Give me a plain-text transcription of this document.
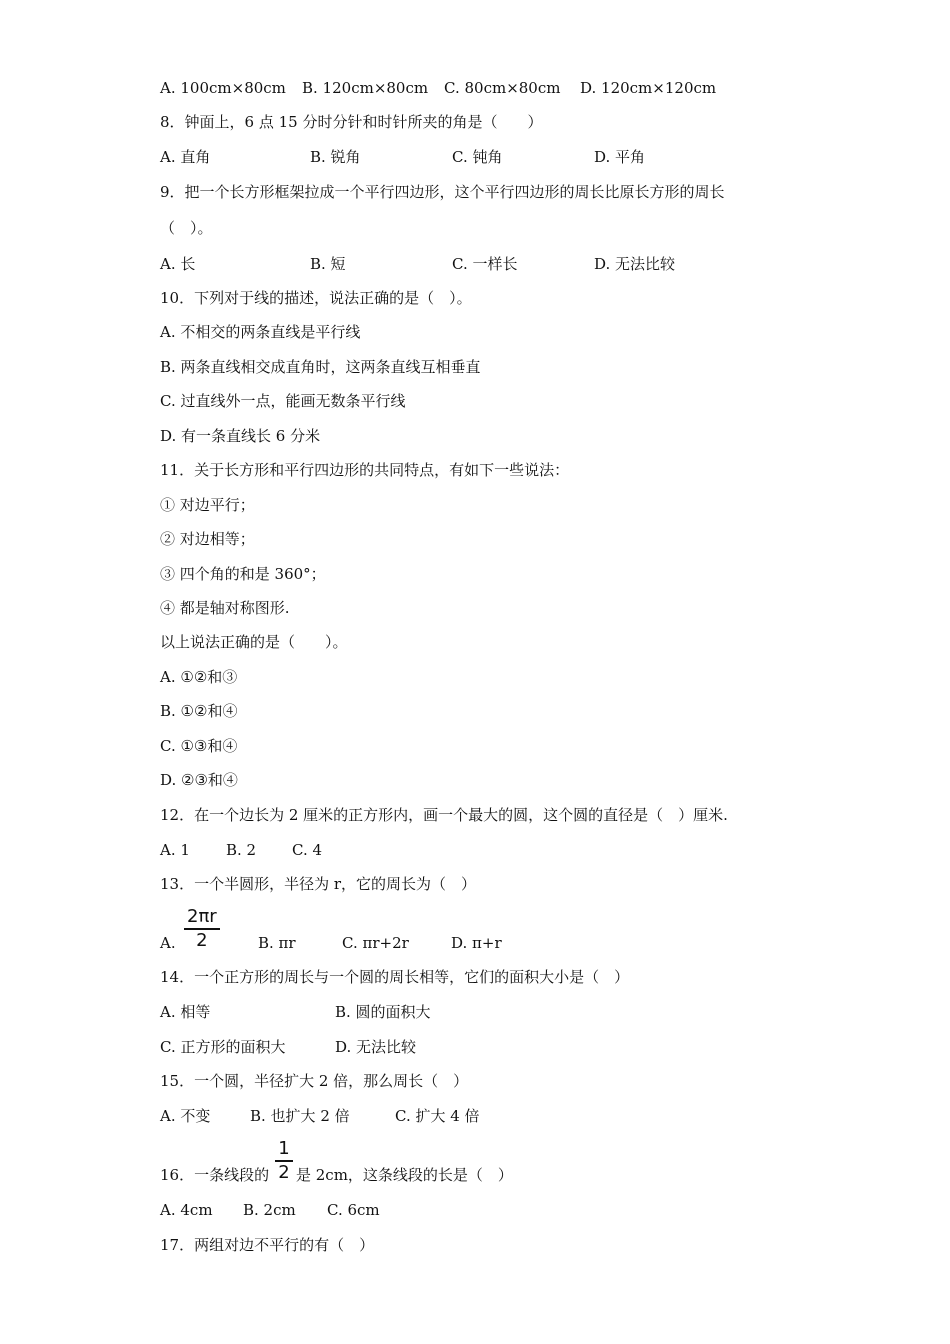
A. 100cm×80cm B. 120cm×80cm C. 80cm×80cm D. 120cm×120cm
8．钟面上，6 点 15 分时分针和时针所夹的角是（　　）
A. 直角	B. 锐角	C. 钝角	D. 平角
9．把一个长方形框架拉成一个平行四边形，这个平行四边形的周长比原长方形的周长
（　）。
A. 长	B. 短	C. 一样长	D. 无法比较
10．下列对于线的描述，说法正确的是（　）。
A. 不相交的两条直线是平行线
B. 两条直线相交成直角时，这两条直线互相垂直
C. 过直线外一点，能画无数条平行线
D. 有一条直线长 6 分米
11．关于长方形和平行四边形的共同特点，有如下一些说法：
① 对边平行；
② 对边相等；
③ 四个角的和是 360°；
④ 都是轴对称图形.
以上说法正确的是（　　）。
A. ①②和③
B. ①②和④
C. ①③和④
D. ②③和④
12．在一个边长为 2 厘米的正方形内，画一个最大的圆，这个圆的直径是（　）厘米.
A. 1 B. 2 C. 4
13．一个半圆形，半径为 r，它的周长为（　）
A. $\frac{2\pi r}{2}$	B. πr	C. πr+2r	D. π+r
14．一个正方形的周长与一个圆的周长相等，它们的面积大小是（　）
A. 相等	B. 圆的面积大
C. 正方形的面积大	D. 无法比较
15．一个圆，半径扩大 2 倍，那么周长（　）
A. 不变	B. 也扩大 2 倍	C. 扩大 4 倍
16．一条线段的 $\frac{1}{2}$ 是 2cm，这条线段的长是（　）
A. 4cm B. 2cm C. 6cm
17．两组对边不平行的有（　）
